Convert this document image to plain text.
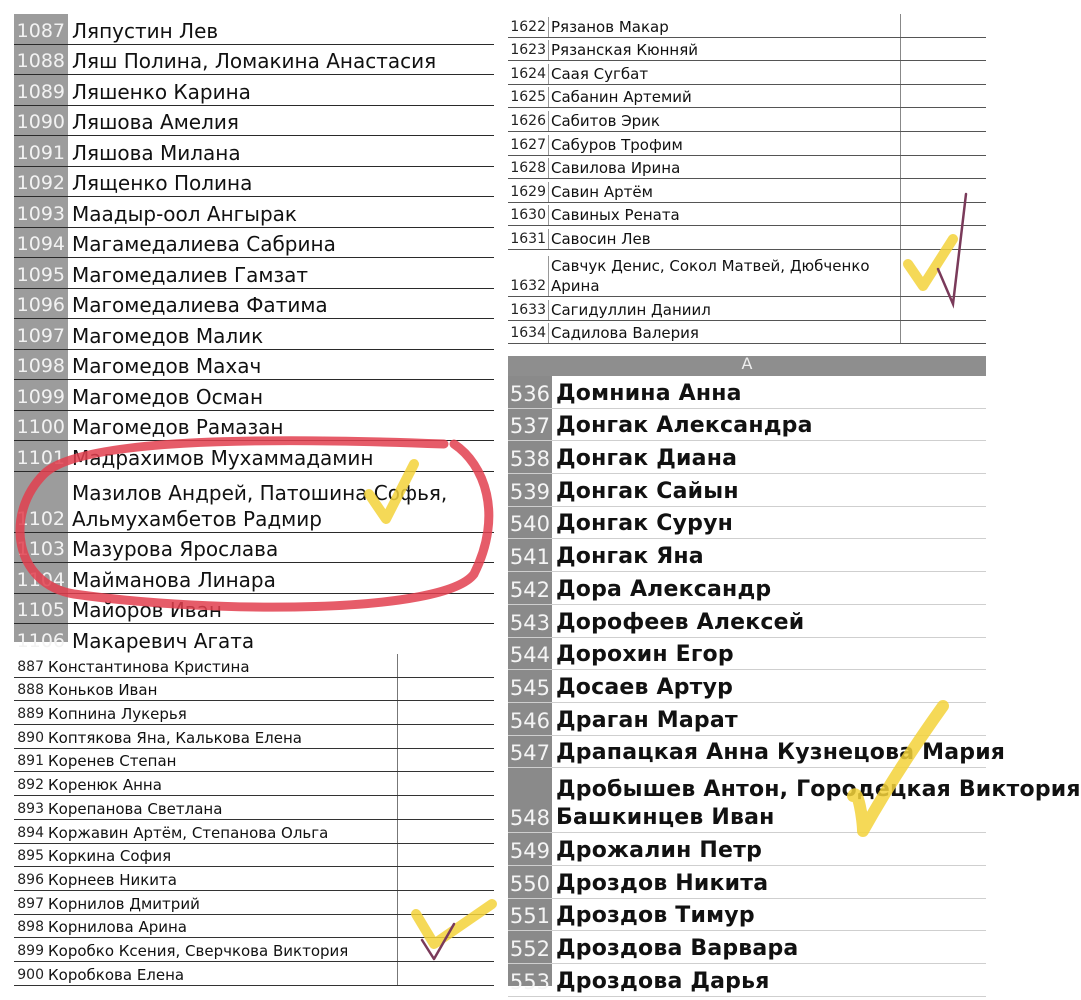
1087 Ляпустин Лев
1088 Ляш Полина, Ломакина Анастасия
1089 Ляшенко Карина
1090 Ляшова Амелия
1091 Ляшова Милана
1092 Лященко Полина
1093 Маадыр-оол Ангырак
1094 Магамедалиева Сабрина
1095 Магомедалиев Гамзат
1096 Магомедалиева Фатима
1097 Магомедов Малик
1098 Магомедов Махач
1099 Магомедов Осман
1100 Магомедов Рамазан
1101 Мадрахимов Мухаммадамин
1102
Мазилов Андрей, Патошина Софья,
Альмухамбетов Радмир
1103 Мазурова Ярослава
1104 Майманова Линара
1105 Майоров Иван
1106 Макаревич Агата
1622 Рязанов Макар
1623 Рязанская Кюнняй
1624 Саая Сугбат
1625 Сабанин Артемий
1626 Сабитов Эрик
1627 Сабуров Трофим
1628 Савилова Ирина
1629 Савин Артём
1630 Савиных Рената
1631 Савосин Лев
1632
Савчук Денис, Сокол Матвей, Дюбченко
Арина
1633 Сагидуллин Даниил
1634 Садилова Валерия
887 Константинова Кристина
888 Коньков Иван
889 Копнина Лукерья
890 Коптякова Яна, Калькова Елена
891 Коренев Степан
892 Коренюк Анна
893 Корепанова Светлана
894 Коржавин Артём, Степанова Ольга
895 Коркина София
896 Корнеев Никита
897 Корнилов Дмитрий
898 Корнилова Арина
899 Коробко Ксения, Сверчкова Виктория
900 Коробкова Елена
A
536 Домнина Анна
537 Донгак Александра
538 Донгак Диана
539 Донгак Сайын
540 Донгак Сурун
541 Донгак Яна
542 Дора Александр
543 Дорофеев Алексей
544 Дорохин Егор
545 Досаев Артур
546 Драган Марат
547 Драпацкая Анна Кузнецова Мария
548
Дробышев Антон, Городецкая Виктория
Башкинцев Иван
549 Дрожалин Петр
550 Дроздов Никита
551 Дроздов Тимур
552 Дроздова Варвара
553 Дроздова Дарья
